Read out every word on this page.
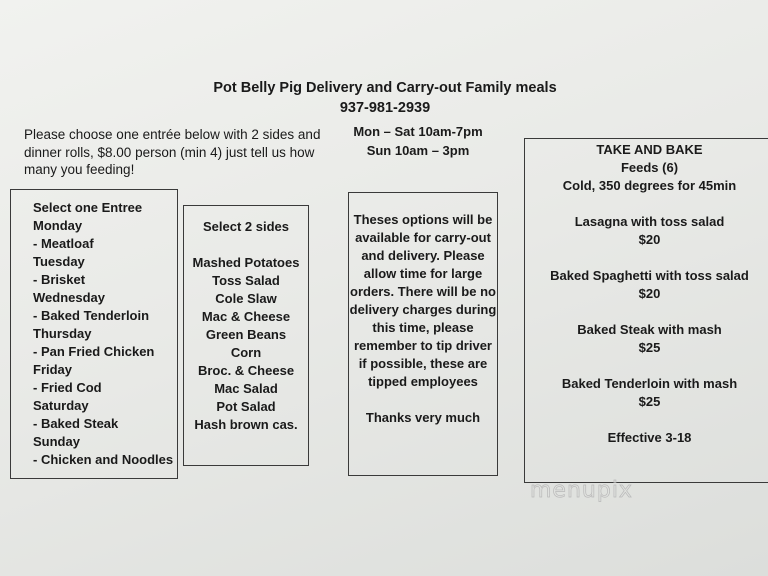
Pot Belly Pig Delivery and Carry-out Family meals
937-981-2939
Please choose one entrée below with 2 sides and dinner rolls, $8.00 person (min 4) just tell us how many you feeding!
Mon – Sat 10am-7pm
Sun 10am – 3pm
Select one Entree
Monday
- Meatloaf
Tuesday
- Brisket
Wednesday
- Baked Tenderloin
Thursday
- Pan Fried Chicken
Friday
- Fried Cod
Saturday
- Baked Steak
Sunday
- Chicken and Noodles
Select 2 sides
Mashed Potatoes
Toss Salad
Cole Slaw
Mac & Cheese
Green Beans
Corn
Broc. & Cheese
Mac Salad
Pot Salad
Hash brown cas.
Theses options will be available for carry-out and delivery. Please allow time for large orders. There will be no delivery charges during this time, please remember to tip driver if possible, these are tipped employees
Thanks very much
TAKE AND BAKE
Feeds (6)
Cold, 350 degrees for 45min
Lasagna with toss salad
$20
Baked Spaghetti with toss salad
$20
Baked Steak with mash
$25
Baked Tenderloin with mash
$25
Effective 3-18
menupix
